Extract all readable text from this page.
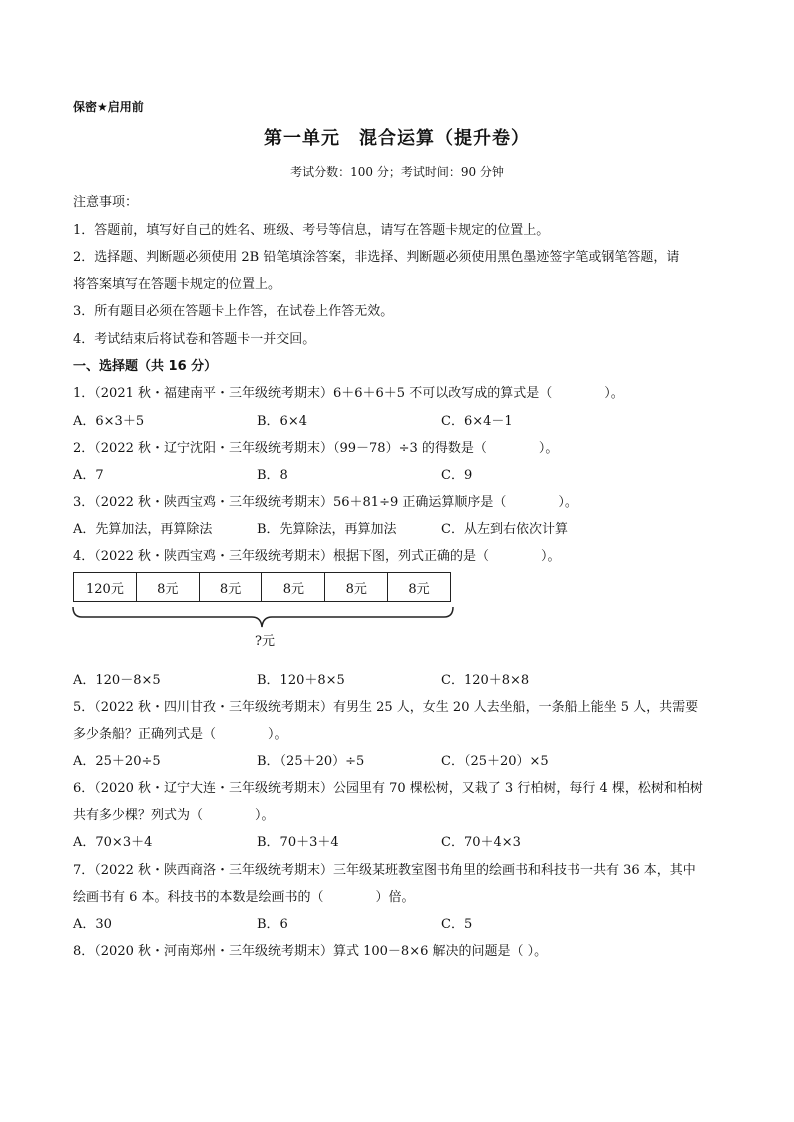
保密★启用前
第一单元　混合运算（提升卷）
考试分数：100 分；考试时间：90 分钟
注意事项：
1．答题前，填写好自己的姓名、班级、考号等信息，请写在答题卡规定的位置上。
2．选择题、判断题必须使用 2B 铅笔填涂答案，非选择、判断题必须使用黑色墨迹签字笔或钢笔答题，请
将答案填写在答题卡规定的位置上。
3．所有题目必须在答题卡上作答，在试卷上作答无效。
4．考试结束后将试卷和答题卡一并交回。
一、选择题（共 16 分）
1．（2021 秋・福建南平・三年级统考期末）6＋6＋6＋5 不可以改写成的算式是（　　　　）。
A．6×3＋5	B．6×4	C．6×4－1
2．（2022 秋・辽宁沈阳・三年级统考期末）（99－78）÷3 的得数是（　　　　）。
A．7	B．8	C．9
3．（2022 秋・陕西宝鸡・三年级统考期末）56＋81÷9 正确运算顺序是（　　　　）。
A．先算加法，再算除法	B．先算除法，再算加法	C．从左到右依次计算
4．（2022 秋・陕西宝鸡・三年级统考期末）根据下图，列式正确的是（　　　　）。
120元	8元	8元	8元	8元	8元
?元
A．120－8×5	B．120＋8×5	C．120＋8×8
5．（2022 秋・四川甘孜・三年级统考期末）有男生 25 人，女生 20 人去坐船，一条船上能坐 5 人，共需要
多少条船？正确列式是（　　　　）。
A．25＋20÷5	B．（25＋20）÷5	C．（25＋20）×5
6．（2020 秋・辽宁大连・三年级统考期末）公园里有 70 棵松树，又栽了 3 行柏树，每行 4 棵，松树和柏树
共有多少棵？列式为（　　　　）。
A．70×3＋4	B．70＋3＋4	C．70＋4×3
7．（2022 秋・陕西商洛・三年级统考期末）三年级某班教室图书角里的绘画书和科技书一共有 36 本，其中
绘画书有 6 本。科技书的本数是绘画书的（　　　　）倍。
A．30	B．6	C．5
8．（2020 秋・河南郑州・三年级统考期末）算式 100－8×6 解决的问题是（ ）。
